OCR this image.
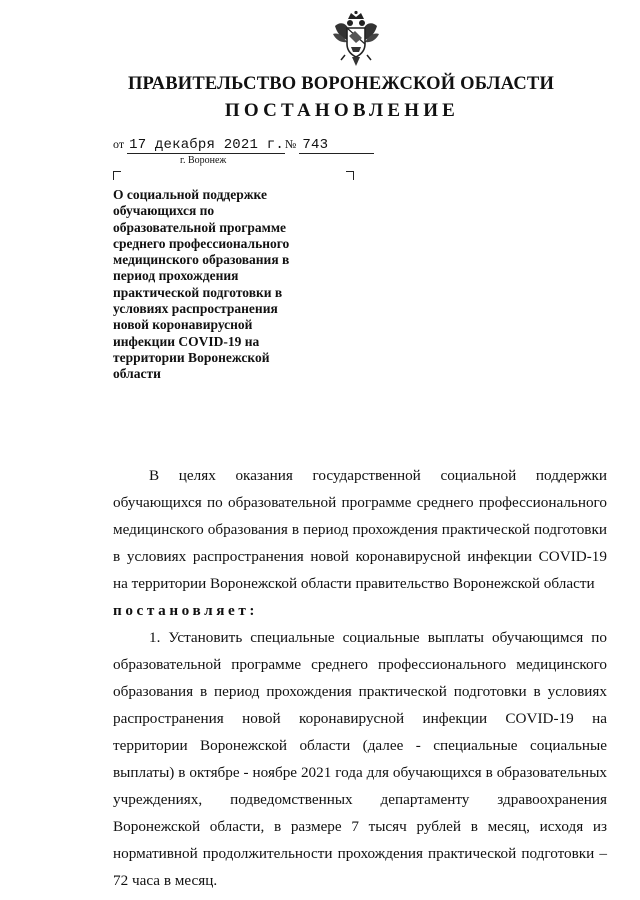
ПРАВИТЕЛЬСТВО ВОРОНЕЖСКОЙ ОБЛАСТИ
ПОСТАНОВЛЕНИЕ
от 17 декабря 2021 г.№ 743
г. Воронеж

О социальной поддержке
обучающихся по
образовательной программе
среднего профессионального
медицинского образования в
период прохождения
практической подготовки в
условиях распространения
новой коронавирусной
инфекции COVID-19 на
территории Воронежской
области

В целях оказания государственной социальной поддержки обучающихся по образовательной программе среднего профессионального медицинского образования в период прохождения практической подготовки в условиях распространения новой коронавирусной инфекции COVID-19 на территории Воронежской области правительство Воронежской области

постановляет:

1. Установить специальные социальные выплаты обучающимся по образовательной программе среднего профессионального медицинского образования в период прохождения практической подготовки в условиях распространения новой коронавирусной инфекции COVID-19 на территории Воронежской области (далее - специальные социальные выплаты) в октябре - ноябре 2021 года для обучающихся в образовательных учреждениях, подведомственных департаменту здравоохранения Воронежской области, в размере 7 тысяч рублей в месяц, исходя из нормативной продолжительности прохождения практической подготовки – 72 часа в месяц.
